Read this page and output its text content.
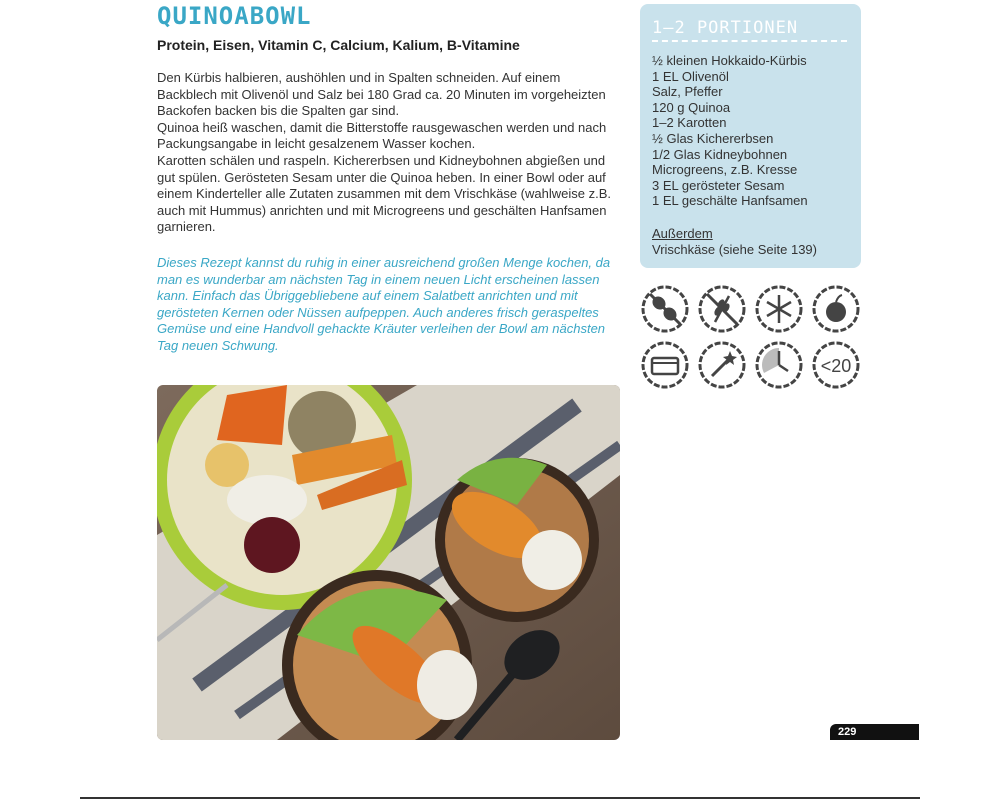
QUINOABOWL

Protein, Eisen, Vitamin C, Calcium, Kalium, B-Vitamine

Den Kürbis halbieren, aushöhlen und in Spalten schneiden. Auf einem Backblech mit Olivenöl und Salz bei 180 Grad ca. 20 Minuten im vorgeheizten Backofen backen bis die Spalten gar sind.

Quinoa heiß waschen, damit die Bitterstoffe rausgewaschen werden und nach Packungsangabe in leicht gesalzenem Wasser kochen.

Karotten schälen und raspeln. Kichererbsen und Kidneybohnen abgießen und gut spülen. Gerösteten Sesam unter die Quinoa heben. In einer Bowl oder auf einem Kinderteller alle Zutaten zusammen mit dem Vrischkäse (wahlweise z.B. auch mit Hummus) anrichten und mit Microgreens und geschälten Hanfsamen garnieren.

Dieses Rezept kannst du ruhig in einer ausreichend großen Menge kochen, da man es wunderbar am nächsten Tag in einem neuen Licht erscheinen lassen kann. Einfach das Übriggebliebene auf einem Salatbett anrichten und mit gerösteten Kernen oder Nüssen aufpeppen. Auch anderes frisch geraspeltes Gemüse und eine Handvoll gehackte Kräuter verleihen der Bowl am nächsten Tag neuen Schwung.

1–2 PORTIONEN
½ kleinen Hokkaido-Kürbis
1 EL Olivenöl
Salz, Pfeffer
120 g Quinoa
1–2 Karotten
½ Glas Kichererbsen
1/2 Glas Kidneybohnen
Microgreens, z.B. Kresse
3 EL gerösteter Sesam
1 EL geschälte Hanfsamen
Außerdem
Vrischkäse (siehe Seite 139)
<20
229
